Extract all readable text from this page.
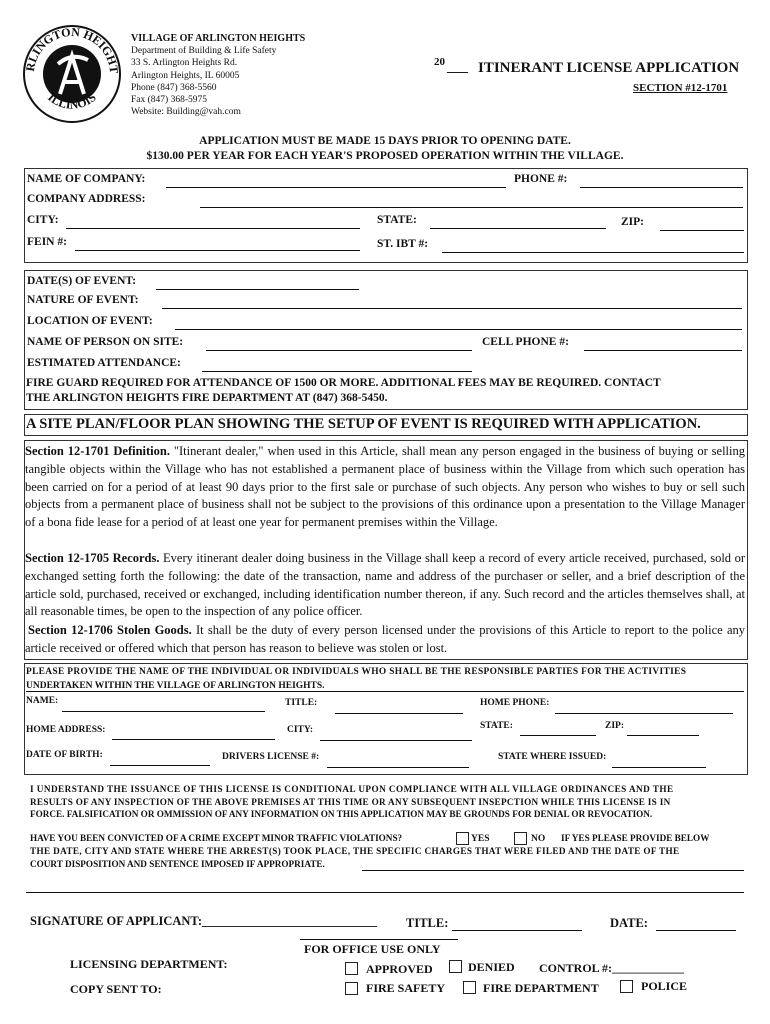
RLINGTON HEIGHT
ILLINOIS
VILLAGE OF ARLINGTON HEIGHTS
Department of Building & Life Safety
33 S. Arlington Heights Rd.
Arlington Heights, IL 60005
Phone (847) 368-5560
Fax (847) 368-5975
Website: Building@vah.com
20 ___ ITINERANT LICENSE APPLICATION
SECTION #12-1701
APPLICATION MUST BE MADE 15 DAYS PRIOR TO OPENING DATE.
$130.00 PER YEAR FOR EACH YEAR'S PROPOSED OPERATION WITHIN THE VILLAGE.
NAME OF COMPANY:	PHONE #:
COMPANY ADDRESS:
CITY:	STATE:	ZIP:
FEIN #:	ST. IBT #:
DATE(S) OF EVENT:
NATURE OF EVENT:
LOCATION OF EVENT:
NAME OF PERSON ON SITE:	CELL PHONE #:
ESTIMATED ATTENDANCE:
FIRE GUARD REQUIRED FOR ATTENDANCE OF 1500 OR MORE. ADDITIONAL FEES MAY BE REQUIRED. CONTACT
THE ARLINGTON HEIGHTS FIRE DEPARTMENT AT (847) 368-5450.
A SITE PLAN/FLOOR PLAN SHOWING THE SETUP OF EVENT IS REQUIRED WITH APPLICATION.
Section 12-1701 Definition. "Itinerant dealer," when used in this Article, shall mean any person engaged in the business of buying or selling tangible objects within the Village who has not established a permanent place of business within the Village from which such operation has been carried on for a period of at least 90 days prior to the first sale or purchase of such objects. Any person who wishes to buy or sell such objects from a permanent place of business shall not be subject to the provisions of this ordinance upon a presentation to the Village Manager of a bona fide lease for a period of at least one year for permanent premises within the Village.
Section 12-1705 Records. Every itinerant dealer doing business in the Village shall keep a record of every article received, purchased, sold or exchanged setting forth the following: the date of the transaction, name and address of the purchaser or seller, and a brief description of the article sold, purchased, received or exchanged, including identification number thereon, if any. Such record and the articles themselves shall, at all reasonable times, be open to the inspection of any police officer.
Section 12-1706 Stolen Goods. It shall be the duty of every person licensed under the provisions of this Article to report to the police any article received or offered which that person has reason to believe was stolen or lost.
PLEASE PROVIDE THE NAME OF THE INDIVIDUAL OR INDIVIDUALS WHO SHALL BE THE RESPONSIBLE PARTIES FOR THE ACTIVITIES
UNDERTAKEN WITHIN THE VILLAGE OF ARLINGTON HEIGHTS.
NAME:	TITLE:	HOME PHONE:
HOME ADDRESS:	CITY:	STATE:	ZIP:
DATE OF BIRTH:	DRIVERS LICENSE #:	STATE WHERE ISSUED:
I UNDERSTAND THE ISSUANCE OF THIS LICENSE IS CONDITIONAL UPON COMPLIANCE WITH ALL VILLAGE ORDINANCES AND THE
RESULTS OF ANY INSPECTION OF THE ABOVE PREMISES AT THIS TIME OR ANY SUBSEQUENT INSEPCTION WHILE THIS LICENSE IS IN
FORCE. FALSIFICATION OR OMMISSION OF ANY INFORMATION ON THIS APPLICATION MAY BE GROUNDS FOR DENIAL OR REVOCATION.
HAVE YOU BEEN CONVICTED OF A CRIME EXCEPT MINOR TRAFFIC VIOLATIONS?	YES	NO IF YES PLEASE PROVIDE BELOW
THE DATE, CITY AND STATE WHERE THE ARREST(S) TOOK PLACE, THE SPECIFIC CHARGES THAT WERE FILED AND THE DATE OF THE
COURT DISPOSITION AND SENTENCE IMPOSED IF APPROPRIATE.
SIGNATURE OF APPLICANT:____________________________ TITLE:	DATE:
FOR OFFICE USE ONLY
LICENSING DEPARTMENT:
COPY SENT TO:
APPROVED	DENIED CONTROL #:____________
FIRE SAFETY	FIRE DEPARTMENT	POLICE
